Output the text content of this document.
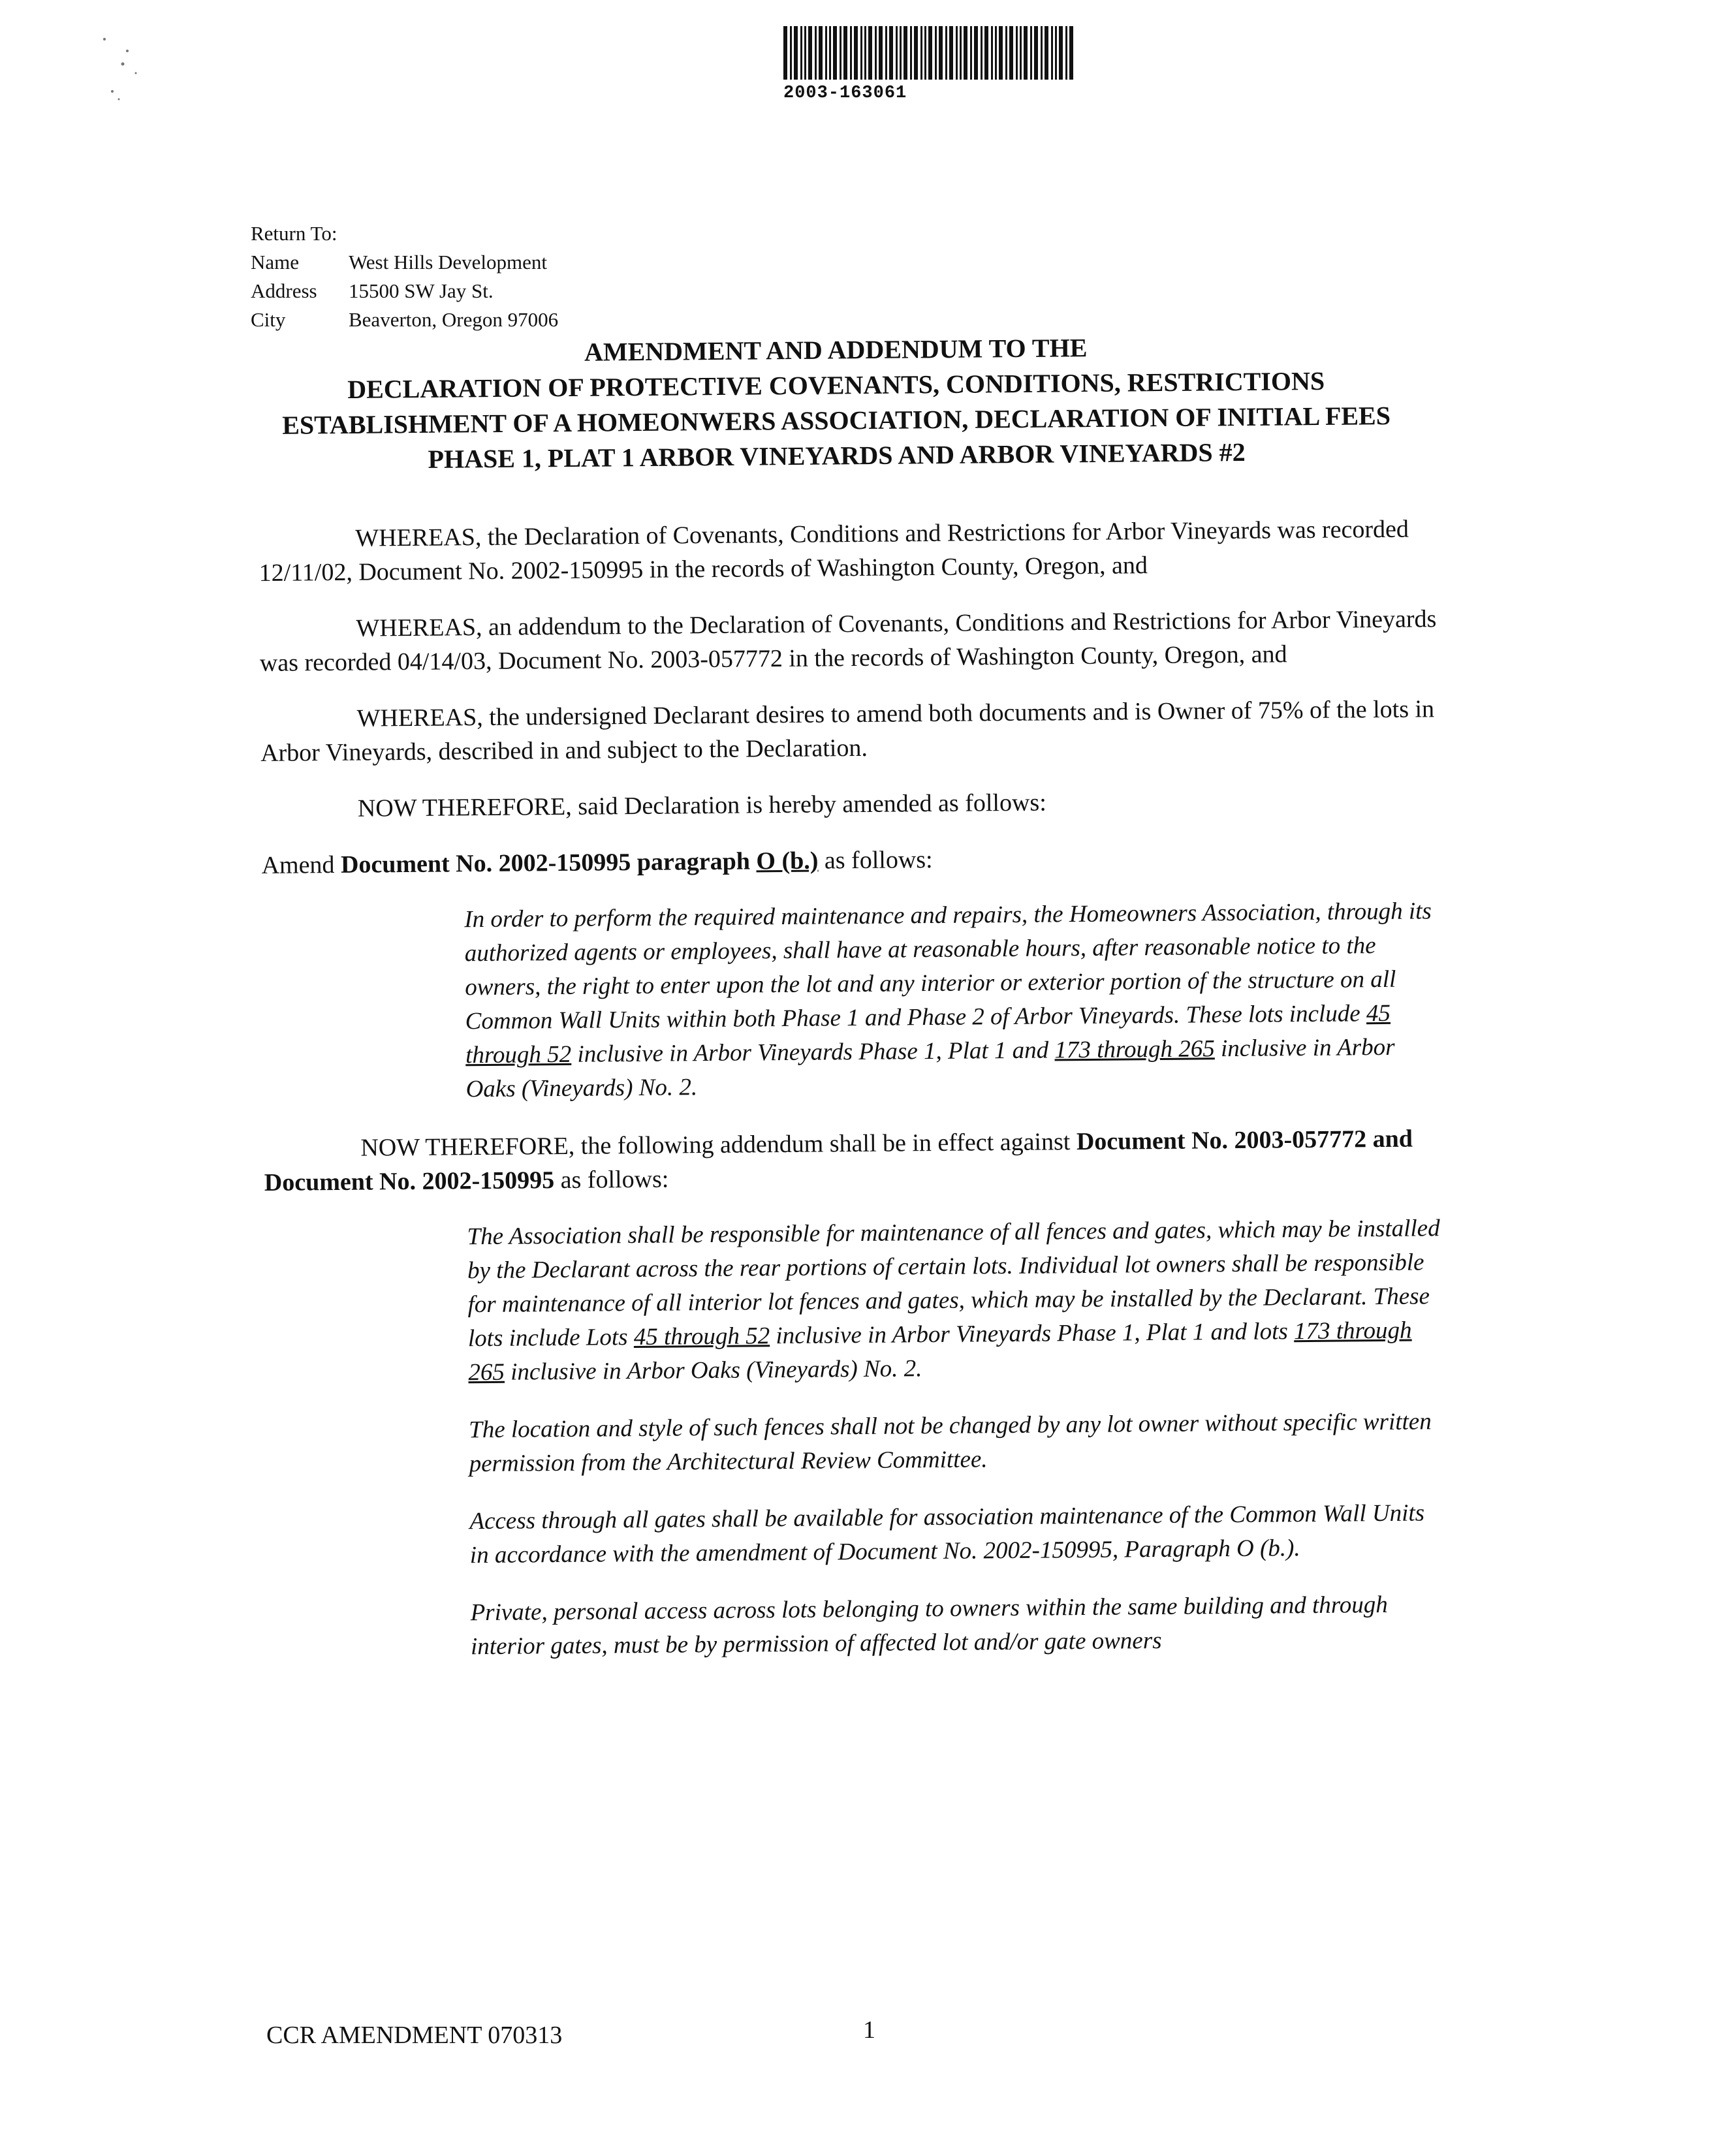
2003-163061
Return To:
Name	West Hills Development
Address	15500 SW Jay St.
City	Beaverton, Oregon 97006
AMENDMENT AND ADDENDUM TO THE
DECLARATION OF PROTECTIVE COVENANTS, CONDITIONS, RESTRICTIONS
ESTABLISHMENT OF A HOMEONWERS ASSOCIATION, DECLARATION OF INITIAL FEES
PHASE 1, PLAT 1 ARBOR VINEYARDS AND ARBOR VINEYARDS #2

WHEREAS, the Declaration of Covenants, Conditions and Restrictions for Arbor Vineyards was recorded 12/11/02, Document No. 2002-150995 in the records of Washington County, Oregon, and

WHEREAS, an addendum to the Declaration of Covenants, Conditions and Restrictions for Arbor Vineyards was recorded 04/14/03, Document No. 2003-057772 in the records of Washington County, Oregon, and

WHEREAS, the undersigned Declarant desires to amend both documents and is Owner of 75% of the lots in Arbor Vineyards, described in and subject to the Declaration.

NOW THEREFORE, said Declaration is hereby amended as follows:

Amend Document No. 2002-150995 paragraph O (b.) as follows:

In order to perform the required maintenance and repairs, the Homeowners Association, through its authorized agents or employees, shall have at reasonable hours, after reasonable notice to the owners, the right to enter upon the lot and any interior or exterior portion of the structure on all Common Wall Units within both Phase 1 and Phase 2 of Arbor Vineyards. These lots include 45 through 52 inclusive in Arbor Vineyards Phase 1, Plat 1 and 173 through 265 inclusive in Arbor Oaks (Vineyards) No. 2.

NOW THEREFORE, the following addendum shall be in effect against Document No. 2003-057772 and Document No. 2002-150995 as follows:

The Association shall be responsible for maintenance of all fences and gates, which may be installed by the Declarant across the rear portions of certain lots. Individual lot owners shall be responsible for maintenance of all interior lot fences and gates, which may be installed by the Declarant. These lots include Lots 45 through 52 inclusive in Arbor Vineyards Phase 1, Plat 1 and lots 173 through 265 inclusive in Arbor Oaks (Vineyards) No. 2.

The location and style of such fences shall not be changed by any lot owner without specific written permission from the Architectural Review Committee.

Access through all gates shall be available for association maintenance of the Common Wall Units in accordance with the amendment of Document No. 2002-150995, Paragraph O (b.).

Private, personal access across lots belonging to owners within the same building and through interior gates, must be by permission of affected lot and/or gate owners

CCR AMENDMENT 070313	1
